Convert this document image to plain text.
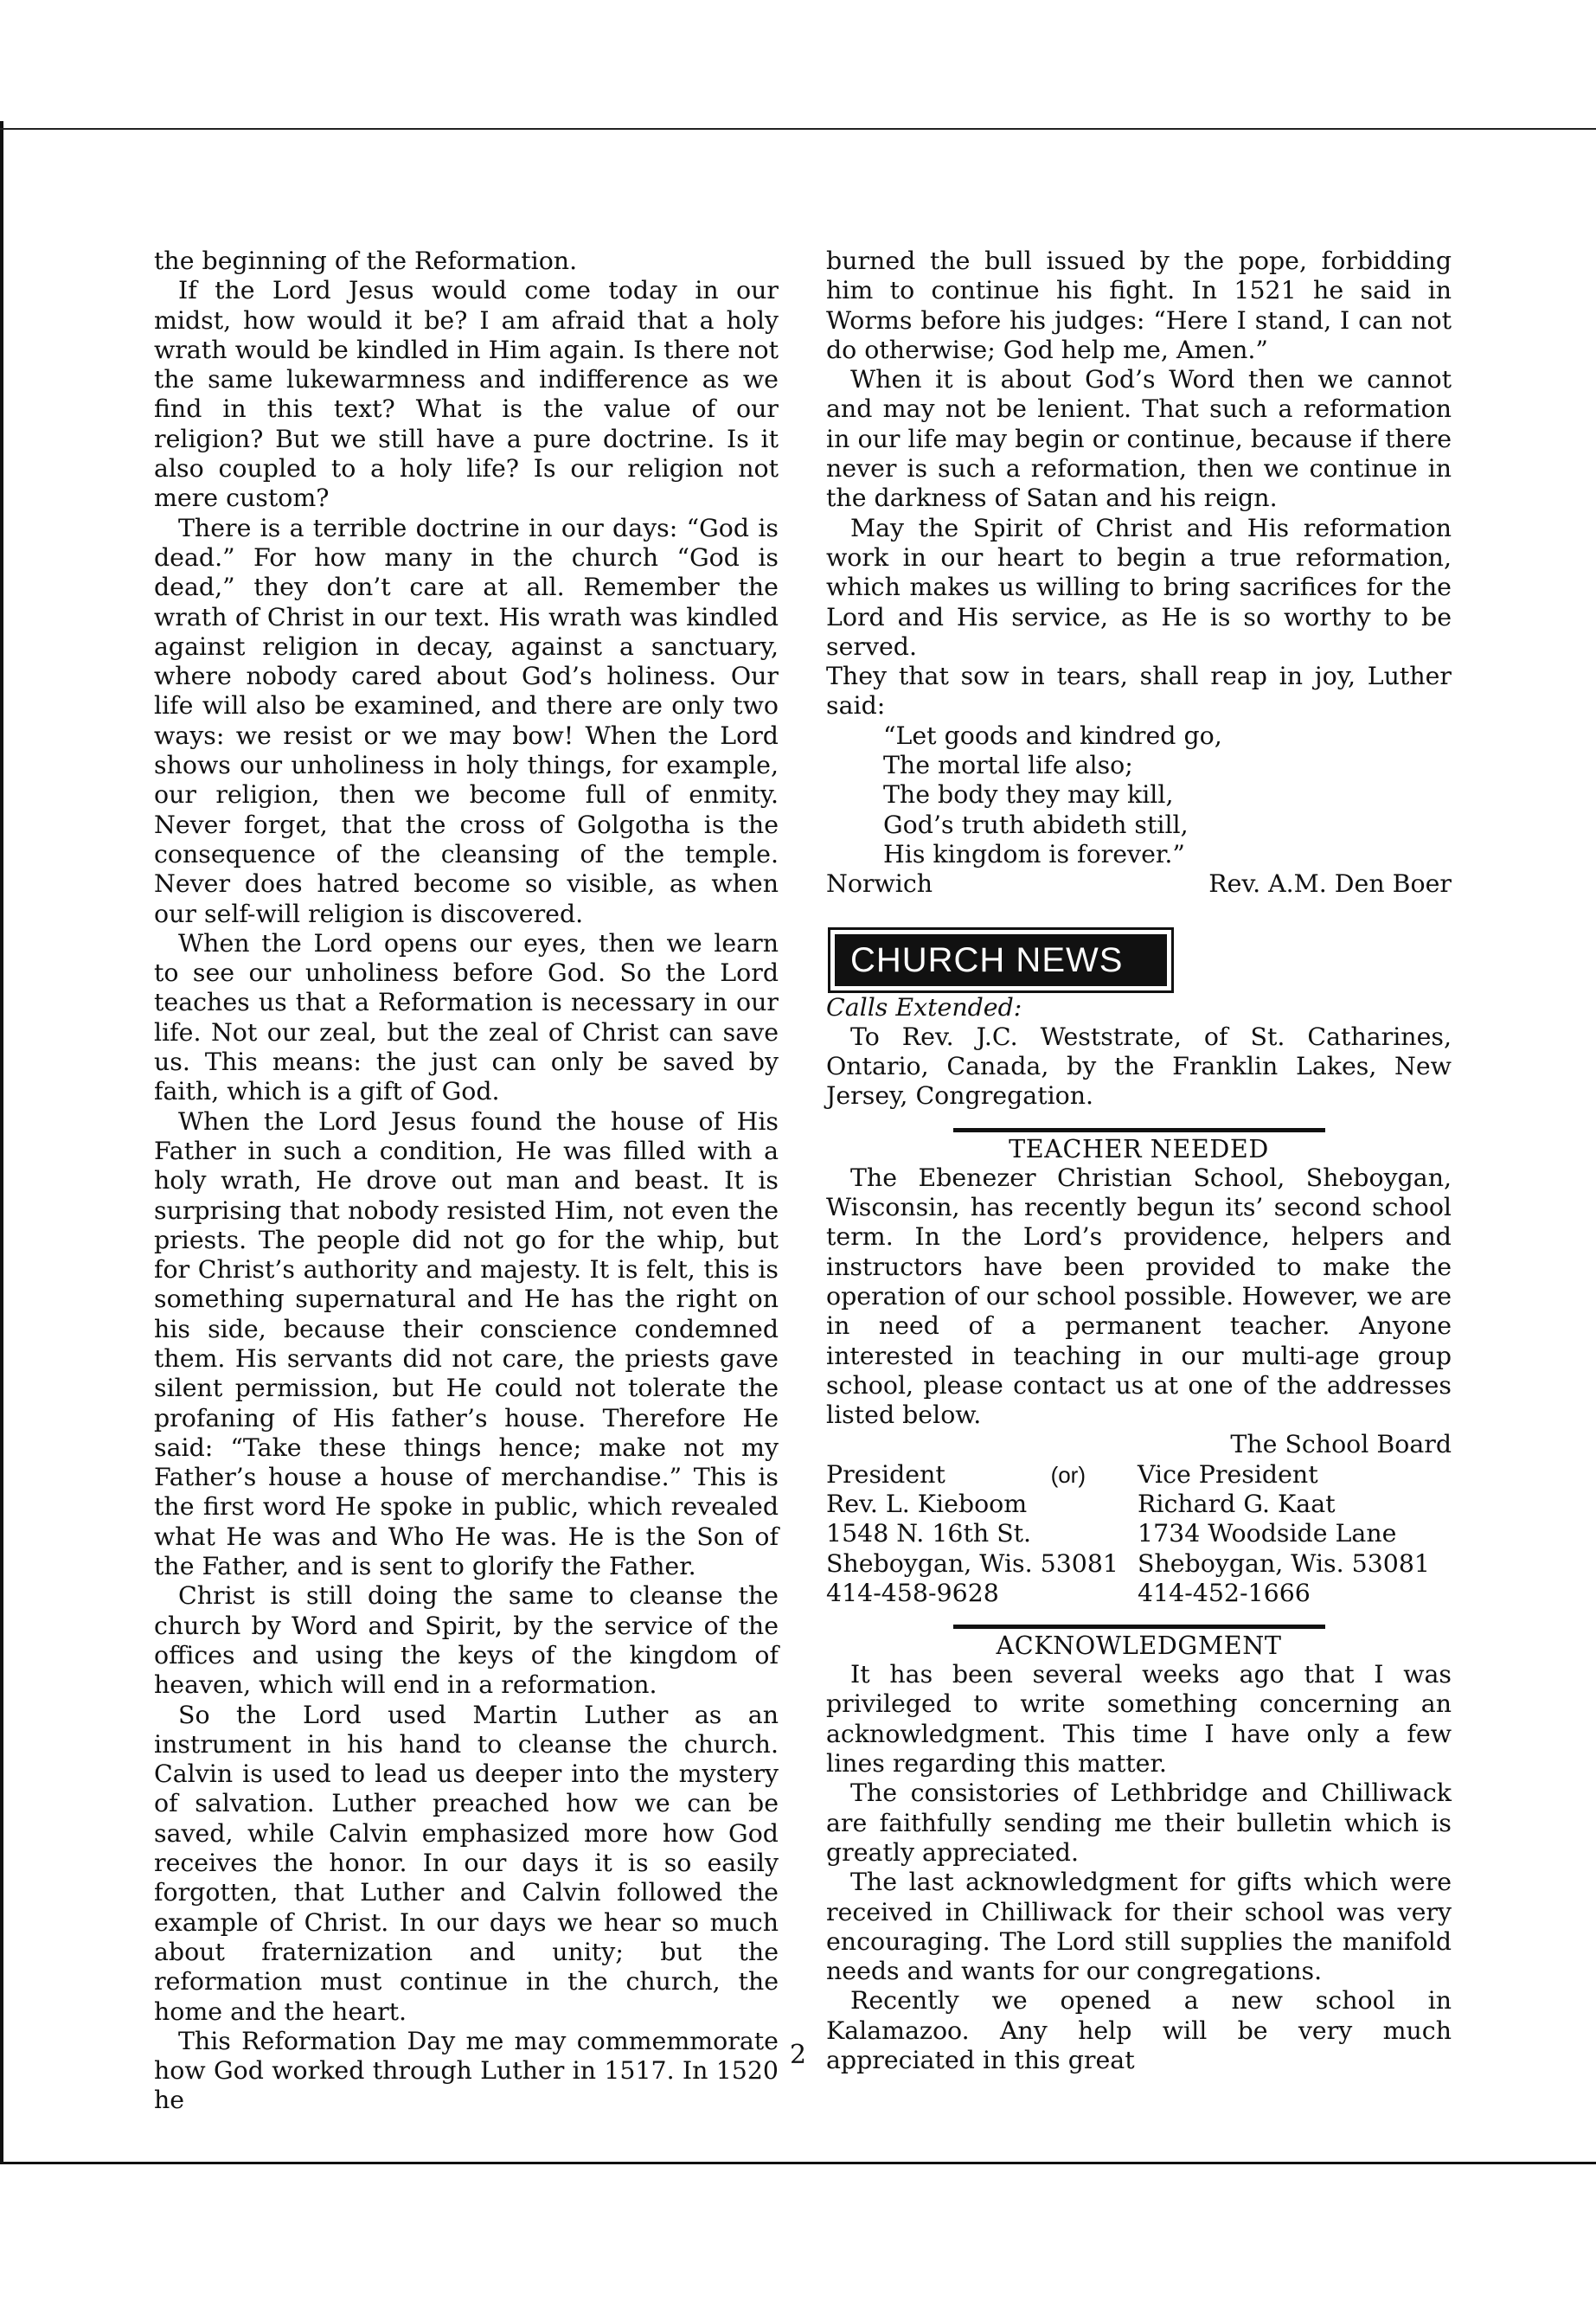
the beginning of the Reformation.

If the Lord Jesus would come today in our midst, how would it be? I am afraid that a holy wrath would be kindled in Him again. Is there not the same lukewarmness and indifference as we find in this text? What is the value of our religion? But we still have a pure doctrine. Is it also coupled to a holy life? Is our religion not mere custom?

There is a terrible doctrine in our days: “God is dead.” For how many in the church “God is dead,” they don’t care at all. Remember the wrath of Christ in our text. His wrath was kindled against religion in decay, against a sanctuary, where nobody cared about God’s holiness. Our life will also be examined, and there are only two ways: we resist or we may bow! When the Lord shows our unholiness in holy things, for example, our religion, then we become full of enmity. Never forget, that the cross of Golgotha is the consequence of the cleansing of the temple. Never does hatred become so visible, as when our self-will religion is discovered.

When the Lord opens our eyes, then we learn to see our unholiness before God. So the Lord teaches us that a Reformation is necessary in our life. Not our zeal, but the zeal of Christ can save us. This means: the just can only be saved by faith, which is a gift of God.

When the Lord Jesus found the house of His Father in such a condition, He was filled with a holy wrath, He drove out man and beast. It is surprising that nobody resisted Him, not even the priests. The people did not go for the whip, but for Christ’s authority and majesty. It is felt, this is something supernatural and He has the right on his side, because their conscience condemned them. His servants did not care, the priests gave silent permission, but He could not tolerate the profaning of His father’s house. Therefore He said: “Take these things hence; make not my Father’s house a house of merchandise.” This is the first word He spoke in public, which revealed what He was and Who He was. He is the Son of the Father, and is sent to glorify the Father.

Christ is still doing the same to cleanse the church by Word and Spirit, by the service of the offices and using the keys of the kingdom of heaven, which will end in a reformation.

So the Lord used Martin Luther as an instrument in his hand to cleanse the church. Calvin is used to lead us deeper into the mystery of salvation. Luther preached how we can be saved, while Calvin emphasized more how God receives the honor. In our days it is so easily forgotten, that Luther and Calvin followed the example of Christ. In our days we hear so much about fraternization and unity; but the reformation must continue in the church, the home and the heart.

This Reformation Day me may commemmorate how God worked through Luther in 1517. In 1520 he

burned the bull issued by the pope, forbidding him to continue his fight. In 1521 he said in Worms before his judges: “Here I stand, I can not do otherwise; God help me, Amen.”

When it is about God’s Word then we cannot and may not be lenient. That such a reformation in our life may begin or continue, because if there never is such a reformation, then we continue in the darkness of Satan and his reign.

May the Spirit of Christ and His reformation work in our heart to begin a true reformation, which makes us willing to bring sacrifices for the Lord and His service, as He is so worthy to be served.

They that sow in tears, shall reap in joy, Luther said:

“Let goods and kindred go,
The mortal life also;
The body they may kill,
God’s truth abideth still,
His kingdom is forever.”
Norwich	Rev. A.M. Den Boer
CHURCH NEWS

Calls Extended:

To Rev. J.C. Weststrate, of St. Catharines, Ontario, Canada, by the Franklin Lakes, New Jersey, Congregation.

TEACHER NEEDED

The Ebenezer Christian School, Sheboygan, Wisconsin, has recently begun its’ second school term. In the Lord’s providence, helpers and instructors have been provided to make the operation of our school possible. However, we are in need of a permanent teacher. Anyone interested in teaching in our multi-age group school, please contact us at one of the addresses listed below.

The School Board
President	(or)
Rev. L. Kieboom
1548 N. 16th St.
Sheboygan, Wis. 53081
414-458-9628
Vice President
Richard G. Kaat
1734 Woodside Lane
Sheboygan, Wis. 53081
414-452-1666
ACKNOWLEDGMENT

It has been several weeks ago that I was privileged to write something concerning an acknowledgment. This time I have only a few lines regarding this matter.

The consistories of Lethbridge and Chilliwack are faithfully sending me their bulletin which is greatly appreciated.

The last acknowledgment for gifts which were received in Chilliwack for their school was very encouraging. The Lord still supplies the manifold needs and wants for our congregations.

Recently we opened a new school in Kalamazoo. Any help will be very much appreciated in this great

2
